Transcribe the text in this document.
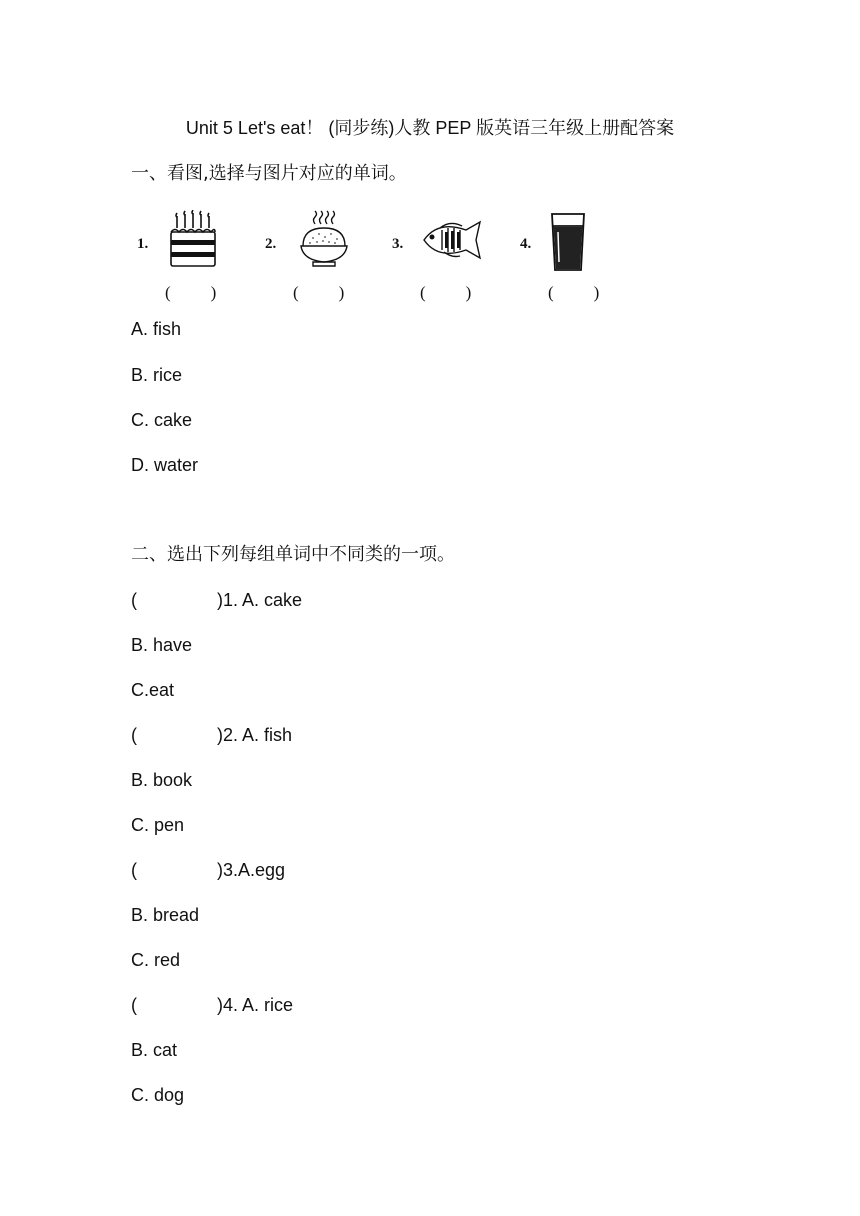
Unit 5 Let's eat！ (同步练)人教 PEP 版英语三年级上册配答案
一、看图,选择与图片对应的单词。
1.
(　　)
2.
(　　)
3.
(　　)
4.
(　　)
A. fish
B. rice
C. cake
D. water
二、选出下列每组单词中不同类的一项。
(	)1. A. cake
B. have
C.eat
(	)2. A. fish
B. book
C. pen
(	)3.A.egg
B. bread
C. red
(	)4. A. rice
B. cat
C. dog
